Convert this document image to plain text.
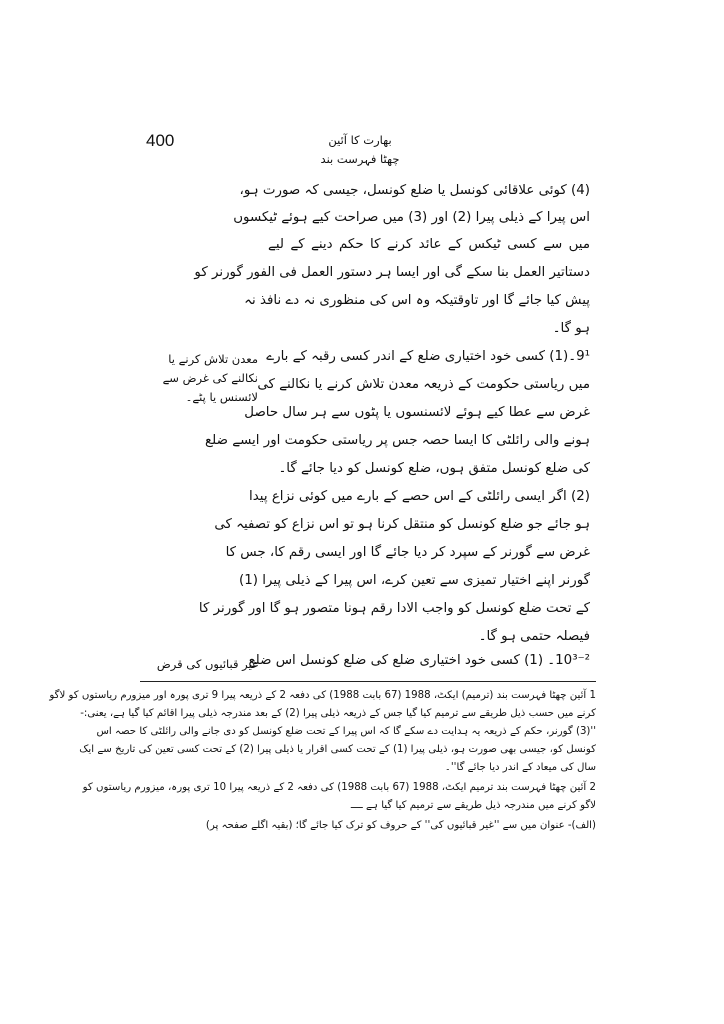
400	بھارت کا آئین
چھٹا فہرست بند
(4) کوئی علاقائی کونسل یا ضلع کونسل، جیسی کہ صورت ہو،
اس پیرا کے ذیلی پیرا (2) اور (3) میں صراحت کیے ہوئے ٹیکسوں
میں سے کسی ٹیکس کے عائد کرنے کا حکم دینے کے لیے
دستاتیر العمل بنا سکے گی اور ایسا ہر دستور العمل فی الفور گورنر کو
پیش کیا جائے گا اور تاوقتیکہ وہ اس کی منظوری نہ دے نافذ نہ
ہو گا۔
9¹۔(1) کسی خود اختیاری ضلع کے اندر کسی رقبہ کے بارے
میں ریاستی حکومت کے ذریعہ معدن تلاش کرنے یا نکالنے کی
غرض سے عطا کیے ہوئے لائسنسوں یا پٹوں سے ہر سال حاصل
ہونے والی رائلٹی کا ایسا حصہ جس پر ریاستی حکومت اور ایسے ضلع
کی ضلع کونسل متفق ہوں، ضلع کونسل کو دیا جائے گا۔
(2) اگر ایسی رائلٹی کے اس حصے کے بارے میں کوئی نزاع پیدا
ہو جائے جو ضلع کونسل کو منتقل کرنا ہو تو اس نزاع کو تصفیہ کی
غرض سے گورنر کے سپرد کر دیا جائے گا اور ایسی رقم کا، جس کا
گورنر اپنے اختیار تمیزی سے تعین کرے، اس پیرا کے ذیلی پیرا (1)
کے تحت ضلع کونسل کو واجب الادا رقم ہونا متصور ہو گا اور گورنر کا
فیصلہ حتمی ہو گا۔
10³⁻²۔ (1) کسی خود اختیاری ضلع کی ضلع کونسل اس ضلع
معدن تلاش کرنے یا
نکالنے کی غرض سے
لائسنس یا پٹے۔
غیر قبائیوں کی قرض
1 آئین چھٹا فہرست بند (ترمیم) ایکٹ، 1988 (67 بابت 1988) کی دفعہ 2 کے ذریعہ پیرا 9 تری پورہ اور میزورم ریاستوں کو لاگو
کرنے میں حسب ذیل طریقے سے ترمیم کیا گیا جس کے ذریعہ ذیلی پیرا (2) کے بعد مندرجہ ذیلی پیرا اقائم کیا گیا ہے، یعنی:-
''(3) گورنر، حکم کے ذریعہ یہ ہدایت دے سکے گا کہ اس پیرا کے تحت ضلع کونسل کو دی جانے والی رائلٹی کا حصہ اس
کونسل کو، جیسی بھی صورت ہو، ذیلی پیرا (1) کے تحت کسی اقرار یا ذیلی پیرا (2) کے تحت کسی تعین کی تاریخ سے ایک
سال کی میعاد کے اندر دیا جائے گا''۔
2 آئین چھٹا فہرست بند ترمیم ایکٹ، 1988 (67 بابت 1988) کی دفعہ 2 کے ذریعہ پیرا 10 تری پورہ، میزورم ریاستوں کو
لاگو کرنے میں مندرجہ ذیل طریقے سے ترمیم کیا گیا ہے ــــ
(الف)- عنوان میں سے ''غیر قبائیوں کی'' کے حروف کو ترک کیا جائے گا؛ (بقیہ اگلے صفحہ پر)
